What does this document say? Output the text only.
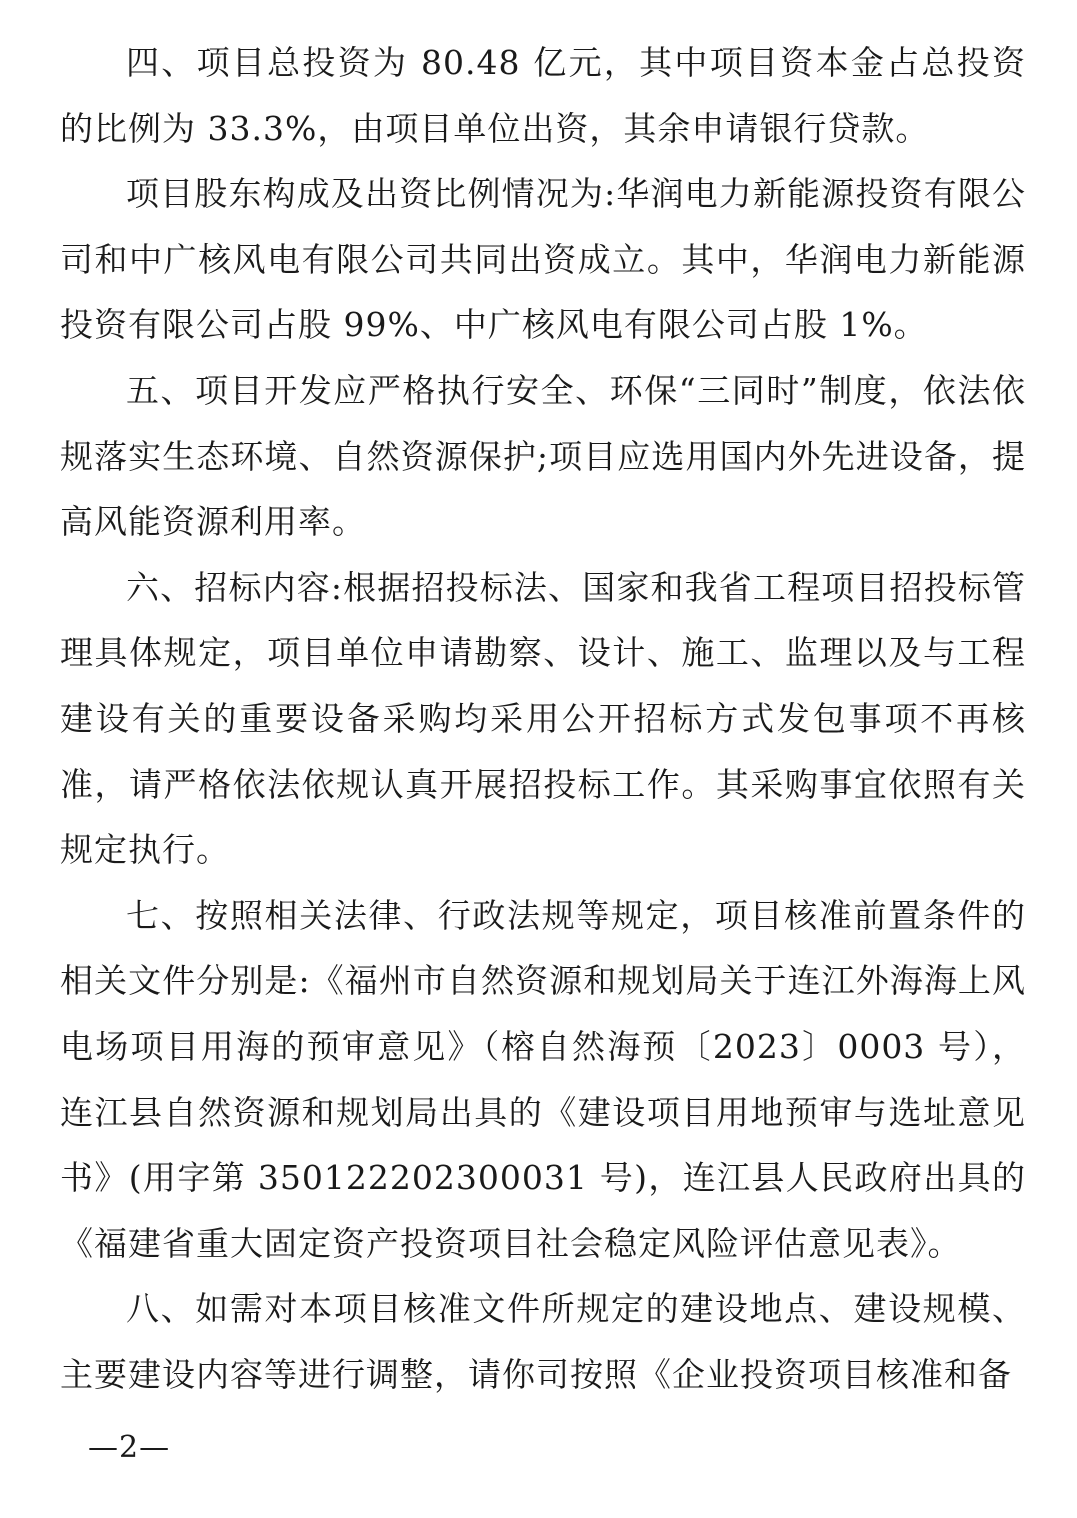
四、项目总投资为 80.48 亿元，其中项目资本金占总投资的比例为 33.3%，由项目单位出资，其余申请银行贷款。

项目股东构成及出资比例情况为:华润电力新能源投资有限公司和中广核风电有限公司共同出资成立。其中，华润电力新能源投资有限公司占股 99%、中广核风电有限公司占股 1%。

五、项目开发应严格执行安全、环保“三同时”制度，依法依规落实生态环境、自然资源保护;项目应选用国内外先进设备，提高风能资源利用率。

六、招标内容:根据招投标法、国家和我省工程项目招投标管理具体规定，项目单位申请勘察、设计、施工、监理以及与工程建设有关的重要设备采购均采用公开招标方式发包事项不再核准，请严格依法依规认真开展招投标工作。其采购事宜依照有关规定执行。

七、按照相关法律、行政法规等规定，项目核准前置条件的相关文件分别是:《福州市自然资源和规划局关于连江外海海上风电场项目用海的预审意见》（榕自然海预〔2023〕0003 号），连江县自然资源和规划局出具的《建设项目用地预审与选址意见书》(用字第 350122202300031 号)，连江县人民政府出具的《福建省重大固定资产投资项目社会稳定风险评估意见表》。

八、如需对本项目核准文件所规定的建设地点、建设规模、主要建设内容等进行调整，请你司按照《企业投资项目核准和备

—2—
